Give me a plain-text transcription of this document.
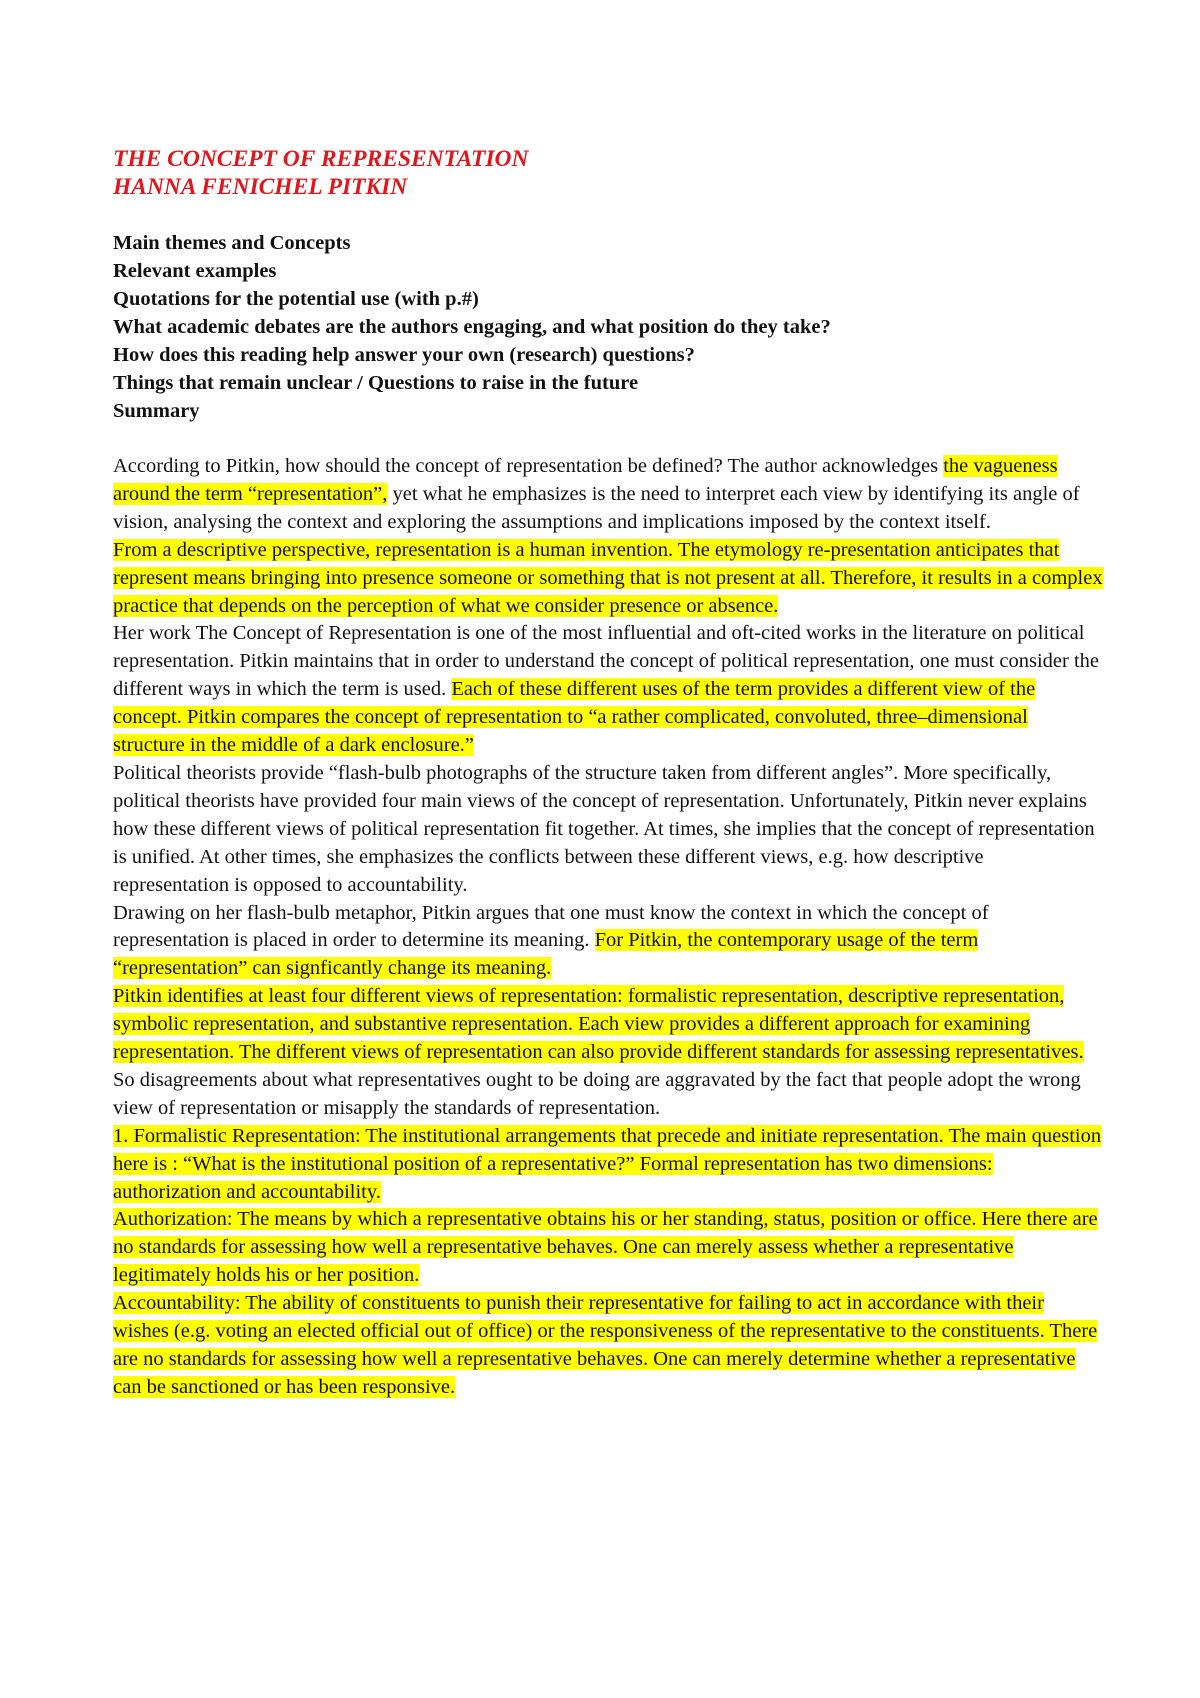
THE CONCEPT OF REPRESENTATION
HANNA FENICHEL PITKIN
Main themes and Concepts
Relevant examples
Quotations for the potential use (with p.#)
What academic debates are the authors engaging, and what position do they take?
How does this reading help answer your own (research) questions?
Things that remain unclear / Questions to raise in the future
Summary

According to Pitkin, how should the concept of representation be defined? The author acknowledges the vagueness around the term “representation”, yet what he emphasizes is the need to interpret each view by identifying its angle of vision, analysing the context and exploring the assumptions and implications imposed by the context itself.

From a descriptive perspective, representation is a human invention. The etymology re-presentation anticipates that represent means bringing into presence someone or something that is not present at all. Therefore, it results in a complex practice that depends on the perception of what we consider presence or absence.

Her work The Concept of Representation is one of the most influential and oft-cited works in the literature on political representation. Pitkin maintains that in order to understand the concept of political representation, one must consider the different ways in which the term is used. Each of these different uses of the term provides a different view of the concept. Pitkin compares the concept of representation to “a rather complicated, convoluted, three–dimensional structure in the middle of a dark enclosure.”

Political theorists provide “flash-bulb photographs of the structure taken from different angles”. More specifically, political theorists have provided four main views of the concept of representation. Unfortunately, Pitkin never explains how these different views of political representation fit together. At times, she implies that the concept of representation is unified. At other times, she emphasizes the conflicts between these different views, e.g. how descriptive representation is opposed to accountability.

Drawing on her flash-bulb metaphor, Pitkin argues that one must know the context in which the concept of representation is placed in order to determine its meaning. For Pitkin, the contemporary usage of the term “representation” can signficantly change its meaning.

Pitkin identifies at least four different views of representation: formalistic representation, descriptive representation, symbolic representation, and substantive representation. Each view provides a different approach for examining representation. The different views of representation can also provide different standards for assessing representatives. So disagreements about what representatives ought to be doing are aggravated by the fact that people adopt the wrong view of representation or misapply the standards of representation.

1. Formalistic Representation: The institutional arrangements that precede and initiate representation. The main question here is : “What is the institutional position of a representative?” Formal representation has two dimensions: authorization and accountability.

Authorization: The means by which a representative obtains his or her standing, status, position or office. Here there are no standards for assessing how well a representative behaves. One can merely assess whether a representative legitimately holds his or her position.

Accountability: The ability of constituents to punish their representative for failing to act in accordance with their wishes (e.g. voting an elected official out of office) or the responsiveness of the representative to the constituents. There are no standards for assessing how well a representative behaves. One can merely determine whether a representative can be sanctioned or has been responsive.
